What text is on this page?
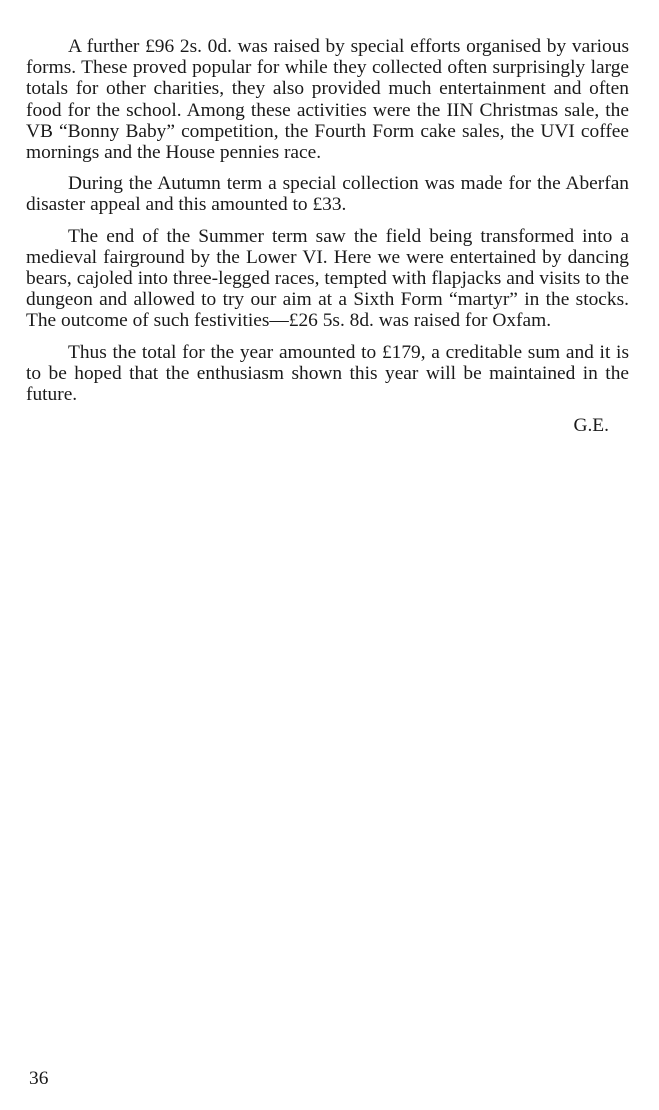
A further £96 2s. 0d. was raised by special efforts organised by various forms. These proved popular for while they collected often surprisingly large totals for other charities, they also provided much entertainment and often food for the school. Among these activities were the IIN Christmas sale, the VB “Bonny Baby” competition, the Fourth Form cake sales, the UVI coffee mornings and the House pennies race.

During the Autumn term a special collection was made for the Aberfan disaster appeal and this amounted to £33.

The end of the Summer term saw the field being transformed into a medieval fairground by the Lower VI. Here we were entertained by dancing bears, cajoled into three-legged races, tempted with flapjacks and visits to the dungeon and allowed to try our aim at a Sixth Form “martyr” in the stocks. The outcome of such festivities—£26 5s. 8d. was raised for Oxfam.

Thus the total for the year amounted to £179, a creditable sum and it is to be hoped that the enthusiasm shown this year will be maintained in the future.

G.E.

36
